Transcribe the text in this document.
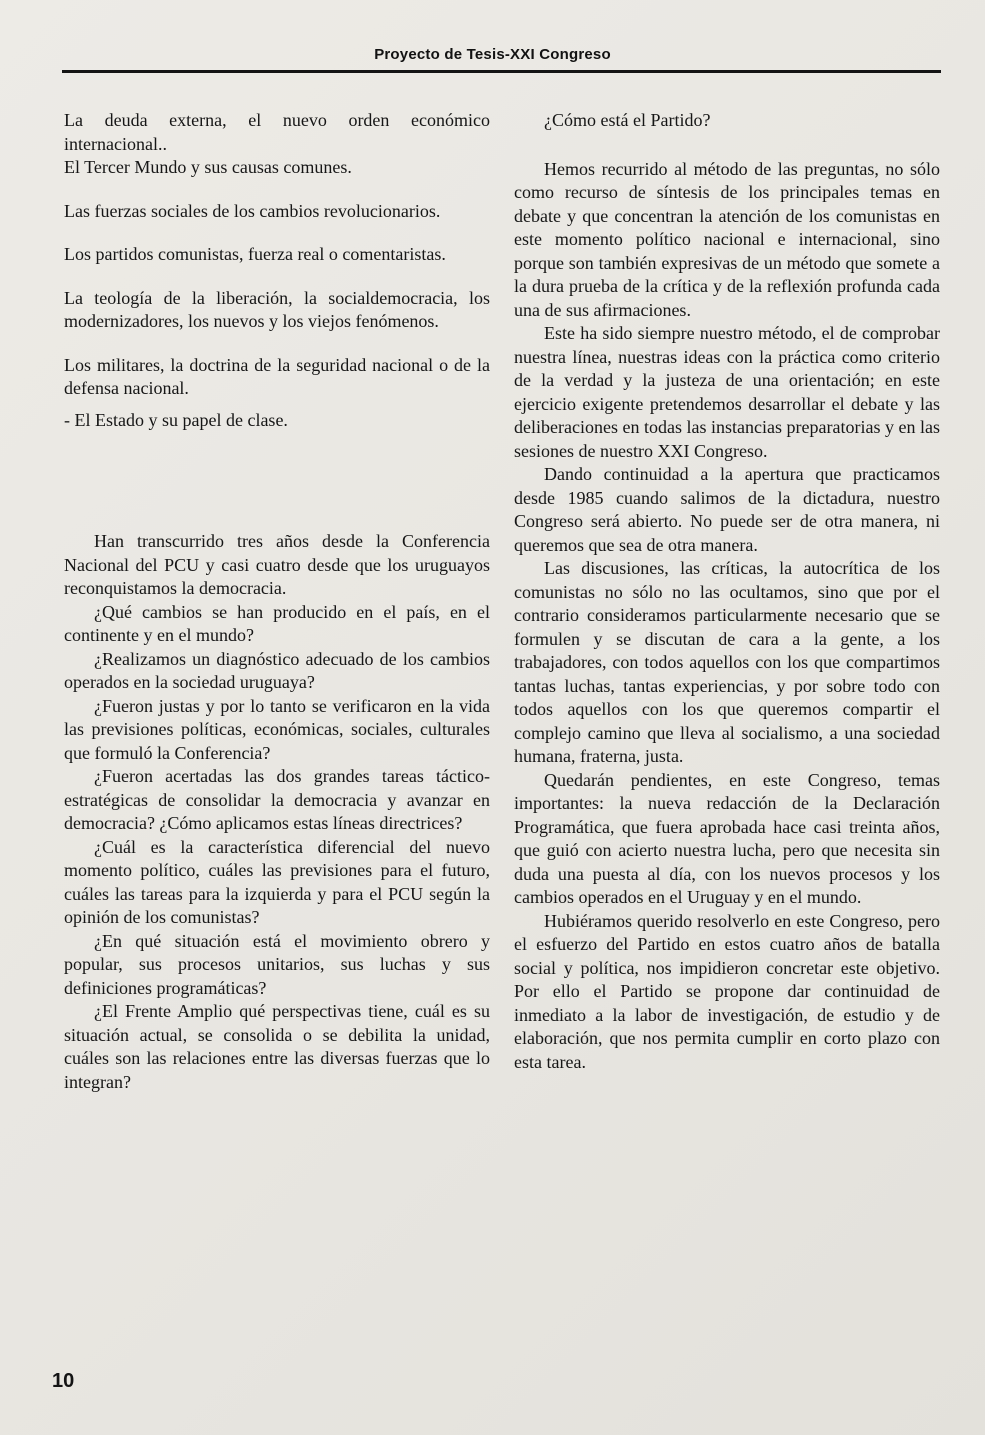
Proyecto de Tesis-XXI Congreso

La deuda externa, el nuevo orden económico internacional..

El Tercer Mundo y sus causas comunes.

Las fuerzas sociales de los cambios revolucionarios.

Los partidos comunistas, fuerza real o comentaristas.

La teología de la liberación, la socialdemocracia, los modernizadores, los nuevos y los viejos fenómenos.

Los militares, la doctrina de la seguridad nacional o de la defensa nacional.

- El Estado y su papel de clase.

Han transcurrido tres años desde la Conferencia Nacional del PCU y casi cuatro desde que los uruguayos reconquistamos la democracia.

¿Qué cambios se han producido en el país, en el continente y en el mundo?

¿Realizamos un diagnóstico adecuado de los cambios operados en la sociedad uruguaya?

¿Fueron justas y por lo tanto se verificaron en la vida las previsiones políticas, económicas, sociales, culturales que formuló la Conferencia?

¿Fueron acertadas las dos grandes tareas táctico-estratégicas de consolidar la democracia y avanzar en democracia? ¿Cómo aplicamos estas líneas directrices?

¿Cuál es la característica diferencial del nuevo momento político, cuáles las previsiones para el futuro, cuáles las tareas para la izquierda y para el PCU según la opinión de los comunistas?

¿En qué situación está el movimiento obrero y popular, sus procesos unitarios, sus luchas y sus definiciones programáticas?

¿El Frente Amplio qué perspectivas tiene, cuál es su situación actual, se consolida o se debilita la unidad, cuáles son las relaciones entre las diversas fuerzas que lo integran?

¿Cómo está el Partido?

Hemos recurrido al método de las preguntas, no sólo como recurso de síntesis de los principales temas en debate y que concentran la atención de los comunistas en este momento político nacional e internacional, sino porque son también expresivas de un método que somete a la dura prueba de la crítica y de la reflexión profunda cada una de sus afirmaciones.

Este ha sido siempre nuestro método, el de comprobar nuestra línea, nuestras ideas con la práctica como criterio de la verdad y la justeza de una orientación; en este ejercicio exigente pretendemos desarrollar el debate y las deliberaciones en todas las instancias preparatorias y en las sesiones de nuestro XXI Congreso.

Dando continuidad a la apertura que practicamos desde 1985 cuando salimos de la dictadura, nuestro Congreso será abierto. No puede ser de otra manera, ni queremos que sea de otra manera.

Las discusiones, las críticas, la autocrítica de los comunistas no sólo no las ocultamos, sino que por el contrario consideramos particularmente necesario que se formulen y se discutan de cara a la gente, a los trabajadores, con todos aquellos con los que compartimos tantas luchas, tantas experiencias, y por sobre todo con todos aquellos con los que queremos compartir el complejo camino que lleva al socialismo, a una sociedad humana, fraterna, justa.

Quedarán pendientes, en este Congreso, temas importantes: la nueva redacción de la Declaración Programática, que fuera aprobada hace casi treinta años, que guió con acierto nuestra lucha, pero que necesita sin duda una puesta al día, con los nuevos procesos y los cambios operados en el Uruguay y en el mundo.

Hubiéramos querido resolverlo en este Congreso, pero el esfuerzo del Partido en estos cuatro años de batalla social y política, nos impidieron concretar este objetivo. Por ello el Partido se propone dar continuidad de inmediato a la labor de investigación, de estudio y de elaboración, que nos permita cumplir en corto plazo con esta tarea.

10
